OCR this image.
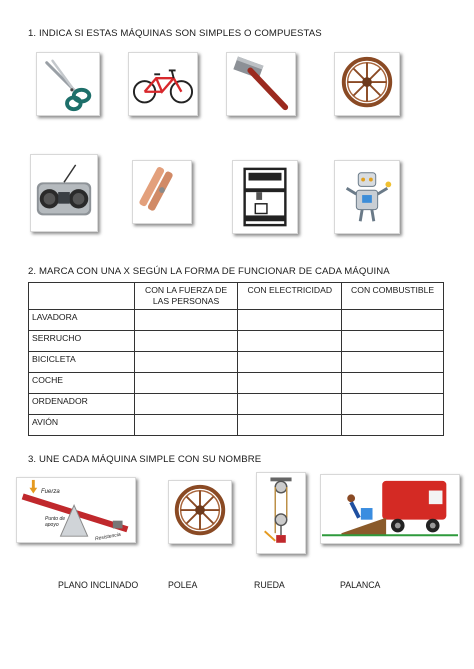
1. INDICA SI ESTAS MÁQUINAS SON SIMPLES O COMPUESTAS
2. MARCA CON UNA X SEGÚN LA FORMA DE FUNCIONAR DE CADA MÁQUINA
	CON LA FUERZA DE LAS PERSONAS	CON ELECTRICIDAD	CON COMBUSTIBLE
LAVADORA			
SERRUCHO			
BICICLETA			
COCHE			
ORDENADOR			
AVIÓN			
3. UNE CADA MÁQUINA SIMPLE CON SU NOMBRE
Fuerza
Punto de apoyo
Resistencia
PLANO INCLINADO	POLEA	RUEDA	PALANCA
